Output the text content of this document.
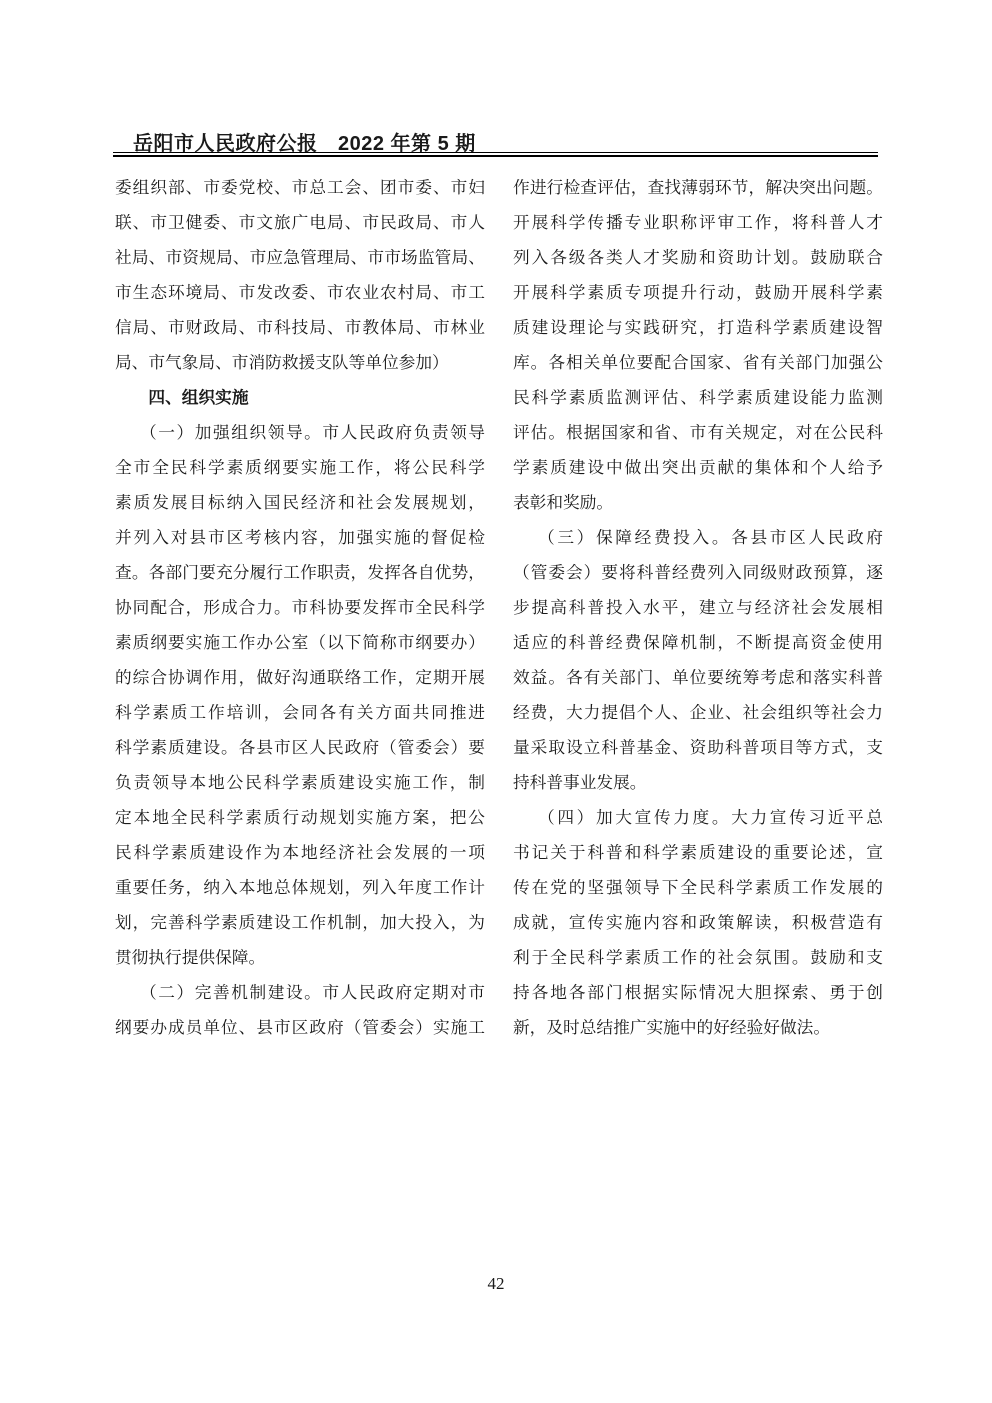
岳阳市人民政府公报　2022 年第 5 期
委组织部、市委党校、市总工会、团市委、市妇
联、市卫健委、市文旅广电局、市民政局、市人
社局、市资规局、市应急管理局、市市场监管局、
市生态环境局、市发改委、市农业农村局、市工
信局、市财政局、市科技局、市教体局、市林业
局、市气象局、市消防救援支队等单位参加）
四、组织实施
（一）加强组织领导。市人民政府负责领导
全市全民科学素质纲要实施工作，将公民科学
素质发展目标纳入国民经济和社会发展规划，
并列入对县市区考核内容，加强实施的督促检
查。各部门要充分履行工作职责，发挥各自优势，
协同配合，形成合力。市科协要发挥市全民科学
素质纲要实施工作办公室（以下简称市纲要办）
的综合协调作用，做好沟通联络工作，定期开展
科学素质工作培训，会同各有关方面共同推进
科学素质建设。各县市区人民政府（管委会）要
负责领导本地公民科学素质建设实施工作，制
定本地全民科学素质行动规划实施方案，把公
民科学素质建设作为本地经济社会发展的一项
重要任务，纳入本地总体规划，列入年度工作计
划，完善科学素质建设工作机制，加大投入，为
贯彻执行提供保障。
（二）完善机制建设。市人民政府定期对市
纲要办成员单位、县市区政府（管委会）实施工
作进行检查评估，查找薄弱环节，解决突出问题。
开展科学传播专业职称评审工作，将科普人才
列入各级各类人才奖励和资助计划。鼓励联合
开展科学素质专项提升行动，鼓励开展科学素
质建设理论与实践研究，打造科学素质建设智
库。各相关单位要配合国家、省有关部门加强公
民科学素质监测评估、科学素质建设能力监测
评估。根据国家和省、市有关规定，对在公民科
学素质建设中做出突出贡献的集体和个人给予
表彰和奖励。
（三）保障经费投入。各县市区人民政府
（管委会）要将科普经费列入同级财政预算，逐
步提高科普投入水平，建立与经济社会发展相
适应的科普经费保障机制，不断提高资金使用
效益。各有关部门、单位要统筹考虑和落实科普
经费，大力提倡个人、企业、社会组织等社会力
量采取设立科普基金、资助科普项目等方式，支
持科普事业发展。
（四）加大宣传力度。大力宣传习近平总
书记关于科普和科学素质建设的重要论述，宣
传在党的坚强领导下全民科学素质工作发展的
成就，宣传实施内容和政策解读，积极营造有
利于全民科学素质工作的社会氛围。鼓励和支
持各地各部门根据实际情况大胆探索、勇于创
新，及时总结推广实施中的好经验好做法。
42
